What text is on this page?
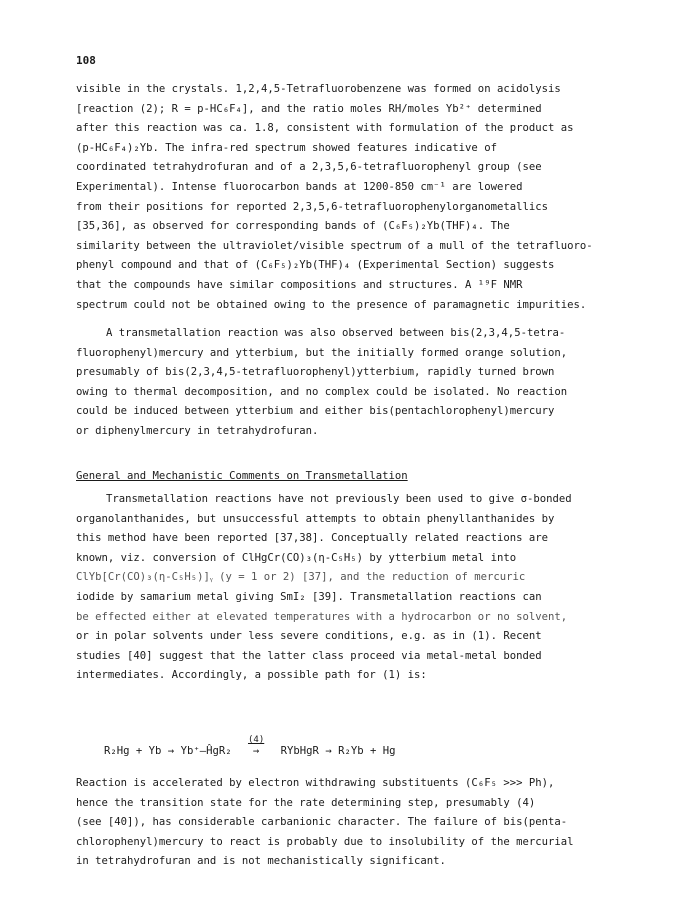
108
visible in the crystals. 1,2,4,5-Tetrafluorobenzene was formed on acidolysis
[reaction (2); R = p-HC₆F₄], and the ratio moles RH/moles Yb²⁺ determined
after this reaction was ca. 1.8, consistent with formulation of the product as
(p-HC₆F₄)₂Yb. The infra-red spectrum showed features indicative of
coordinated tetrahydrofuran and of a 2,3,5,6-tetrafluorophenyl group (see
Experimental). Intense fluorocarbon bands at 1200-850 cm⁻¹ are lowered
from their positions for reported 2,3,5,6-tetrafluorophenylorganometallics
[35,36], as observed for corresponding bands of (C₆F₅)₂Yb(THF)₄. The
similarity between the ultraviolet/visible spectrum of a mull of the tetrafluoro-
phenyl compound and that of (C₆F₅)₂Yb(THF)₄ (Experimental Section) suggests
that the compounds have similar compositions and structures. A ¹⁹F NMR
spectrum could not be obtained owing to the presence of paramagnetic impurities.
A transmetallation reaction was also observed between bis(2,3,4,5-tetra-
fluorophenyl)mercury and ytterbium, but the initially formed orange solution,
presumably of bis(2,3,4,5-tetrafluorophenyl)ytterbium, rapidly turned brown
owing to thermal decomposition, and no complex could be isolated. No reaction
could be induced between ytterbium and either bis(pentachlorophenyl)mercury
or diphenylmercury in tetrahydrofuran.
General and Mechanistic Comments on Transmetallation
Transmetallation reactions have not previously been used to give σ-bonded
organolanthanides, but unsuccessful attempts to obtain phenyllanthanides by
this method have been reported [37,38]. Conceptually related reactions are
known, viz. conversion of ClHgCr(CO)₃(η-C₅H₅) by ytterbium metal into
ClYb[Cr(CO)₃(η-C₅H₅)]ᵧ (y = 1 or 2) [37], and the reduction of mercuric
iodide by samarium metal giving SmI₂ [39]. Transmetallation reactions can
be effected either at elevated temperatures with a hydrocarbon or no solvent,
or in polar solvents under less severe conditions, e.g. as in (1). Recent
studies [40] suggest that the latter class proceed via metal-metal bonded
intermediates. Accordingly, a possible path for (1) is:
R₂Hg + Yb → Yb⁺—ĤgR₂
(4)
→ RYbHgR → R₂Yb + Hg
Reaction is accelerated by electron withdrawing substituents (C₆F₅ >>> Ph),
hence the transition state for the rate determining step, presumably (4)
(see [40]), has considerable carbanionic character. The failure of bis(penta-
chlorophenyl)mercury to react is probably due to insolubility of the mercurial
in tetrahydrofuran and is not mechanistically significant.
